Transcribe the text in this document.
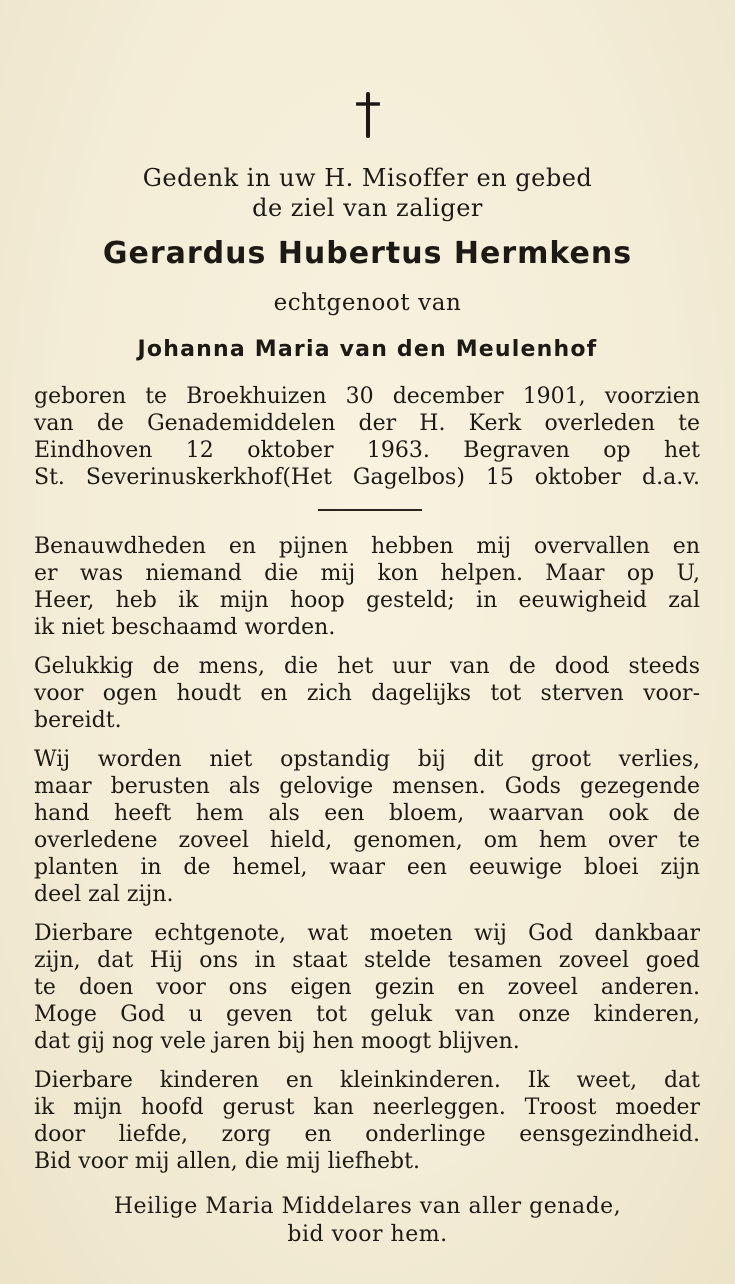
Gedenk in uw H. Misoffer en gebed
de ziel van zaliger
Gerardus Hubertus Hermkens
echtgenoot van
Johanna Maria van den Meulenhof
geboren te Broekhuizen 30 december 1901, voorzien
van de Genademiddelen der H. Kerk overleden te
Eindhoven 12 oktober 1963. Begraven op het
St. Severinuskerkhof(Het Gagelbos) 15 oktober d.a.v.
Benauwdheden en pijnen hebben mij overvallen en
er was niemand die mij kon helpen. Maar op U,
Heer, heb ik mijn hoop gesteld; in eeuwigheid zal
ik niet beschaamd worden.
Gelukkig de mens, die het uur van de dood steeds
voor ogen houdt en zich dagelijks tot sterven voor-
bereidt.
Wij worden niet opstandig bij dit groot verlies,
maar berusten als gelovige mensen. Gods gezegende
hand heeft hem als een bloem, waarvan ook de
overledene zoveel hield, genomen, om hem over te
planten in de hemel, waar een eeuwige bloei zijn
deel zal zijn.
Dierbare echtgenote, wat moeten wij God dankbaar
zijn, dat Hij ons in staat stelde tesamen zoveel goed
te doen voor ons eigen gezin en zoveel anderen.
Moge God u geven tot geluk van onze kinderen,
dat gij nog vele jaren bij hen moogt blijven.
Dierbare kinderen en kleinkinderen. Ik weet, dat
ik mijn hoofd gerust kan neerleggen. Troost moeder
door liefde, zorg en onderlinge eensgezindheid.
Bid voor mij allen, die mij liefhebt.
Heilige Maria Middelares van aller genade,
bid voor hem.
